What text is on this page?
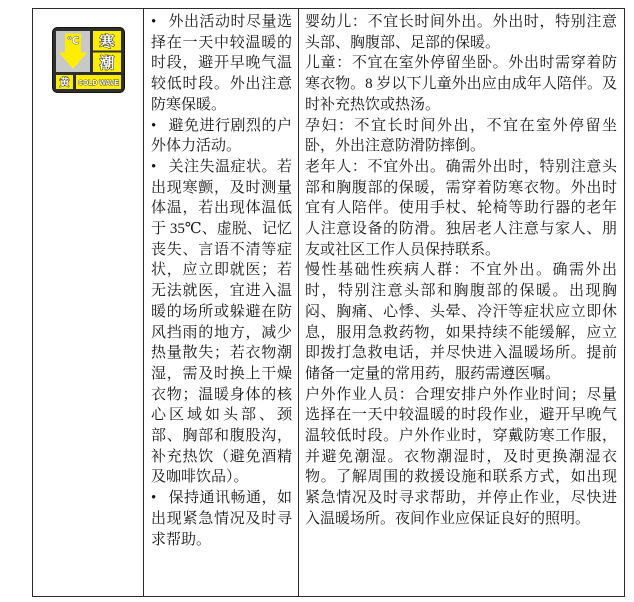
℃ 寒
潮
黄 COLD WAVE

• 外出活动时尽量选择在一天中较温暖的时段，避开早晚气温较低时段。外出注意防寒保暖。

• 避免进行剧烈的户外体力活动。

• 关注失温症状。若出现寒颤，及时测量体温，若出现体温低于 35℃、虚脱、记忆丧失、言语不清等症状，应立即就医；若无法就医，宜进入温暖的场所或躲避在防风挡雨的地方，减少热量散失；若衣物潮湿，需及时换上干燥衣物；温暖身体的核心区域如头部、颈部、胸部和腹股沟，补充热饮（避免酒精及咖啡饮品）。

• 保持通讯畅通，如出现紧急情况及时寻求帮助。

婴幼儿：不宜长时间外出。外出时，特别注意头部、胸腹部、足部的保暖。

儿童：不宜在室外停留坐卧。外出时需穿着防寒衣物。8 岁以下儿童外出应由成年人陪伴。及时补充热饮或热汤。

孕妇：不宜长时间外出，不宜在室外停留坐卧，外出注意防滑防摔倒。

老年人：不宜外出。确需外出时，特别注意头部和胸腹部的保暖，需穿着防寒衣物。外出时宜有人陪伴。使用手杖、轮椅等助行器的老年人注意设备的防滑。独居老人注意与家人、朋友或社区工作人员保持联系。

慢性基础性疾病人群：不宜外出。确需外出时，特别注意头部和胸腹部的保暖。出现胸闷、胸痛、心悸、头晕、冷汗等症状应立即休息，服用急救药物，如果持续不能缓解，应立即拨打急救电话，并尽快进入温暖场所。提前储备一定量的常用药，服药需遵医嘱。

户外作业人员：合理安排户外作业时间；尽量选择在一天中较温暖的时段作业，避开早晚气温较低时段。户外作业时，穿戴防寒工作服，并避免潮湿。衣物潮湿时，及时更换潮湿衣物。了解周围的救援设施和联系方式，如出现紧急情况及时寻求帮助，并停止作业，尽快进入温暖场所。夜间作业应保证良好的照明。
